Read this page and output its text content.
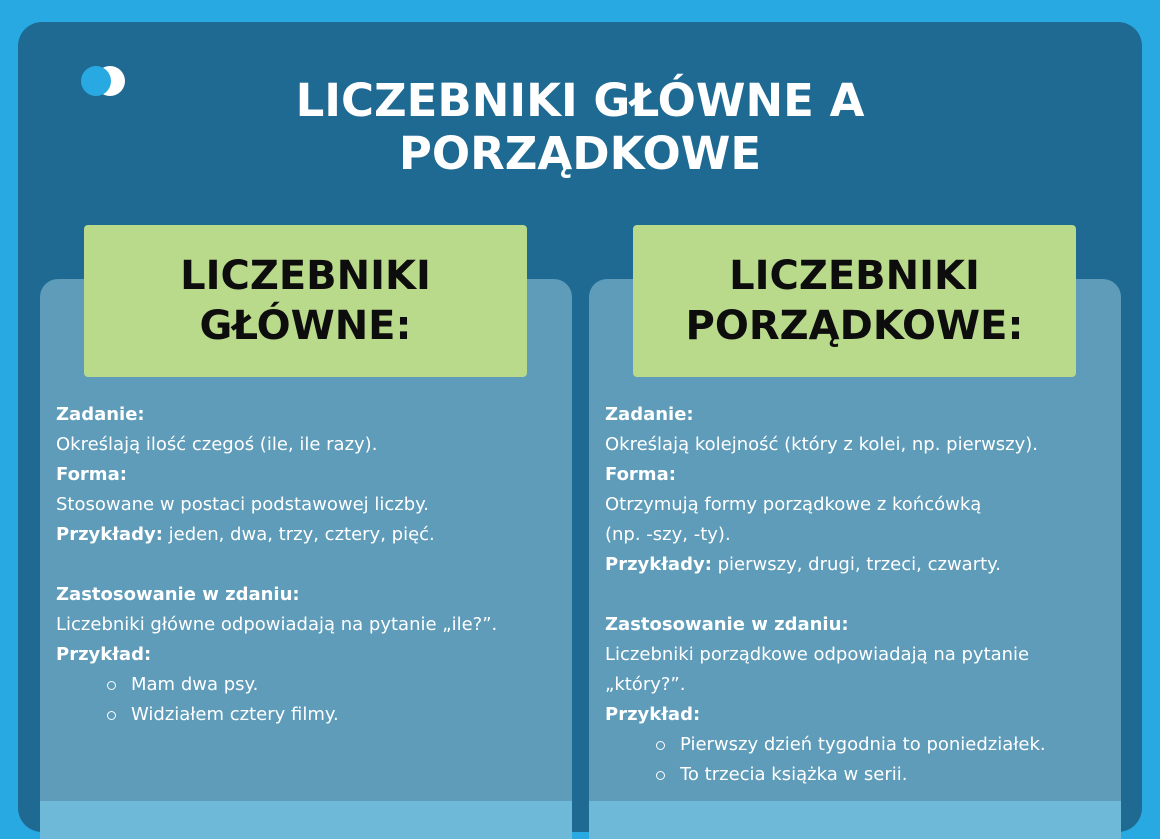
LICZEBNIKI GŁÓWNE A
PORZĄDKOWE
LICZEBNIKI
GŁÓWNE:
Zadanie:
Określają ilość czegoś (ile, ile razy).
Forma:
Stosowane w postaci podstawowej liczby.
Przykłady: jeden, dwa, trzy, cztery, pięć.
Zastosowanie w zdaniu:
Liczebniki główne odpowiadają na pytanie „ile?”.
Przykład:
Mam dwa psy.
Widziałem cztery filmy.
LICZEBNIKI
PORZĄDKOWE:
Zadanie:
Określają kolejność (który z kolei, np. pierwszy).
Forma:
Otrzymują formy porządkowe z końcówką
(np. -szy, -ty).
Przykłady: pierwszy, drugi, trzeci, czwarty.
Zastosowanie w zdaniu:
Liczebniki porządkowe odpowiadają na pytanie
„który?”.
Przykład:
Pierwszy dzień tygodnia to poniedziałek.
To trzecia książka w serii.
